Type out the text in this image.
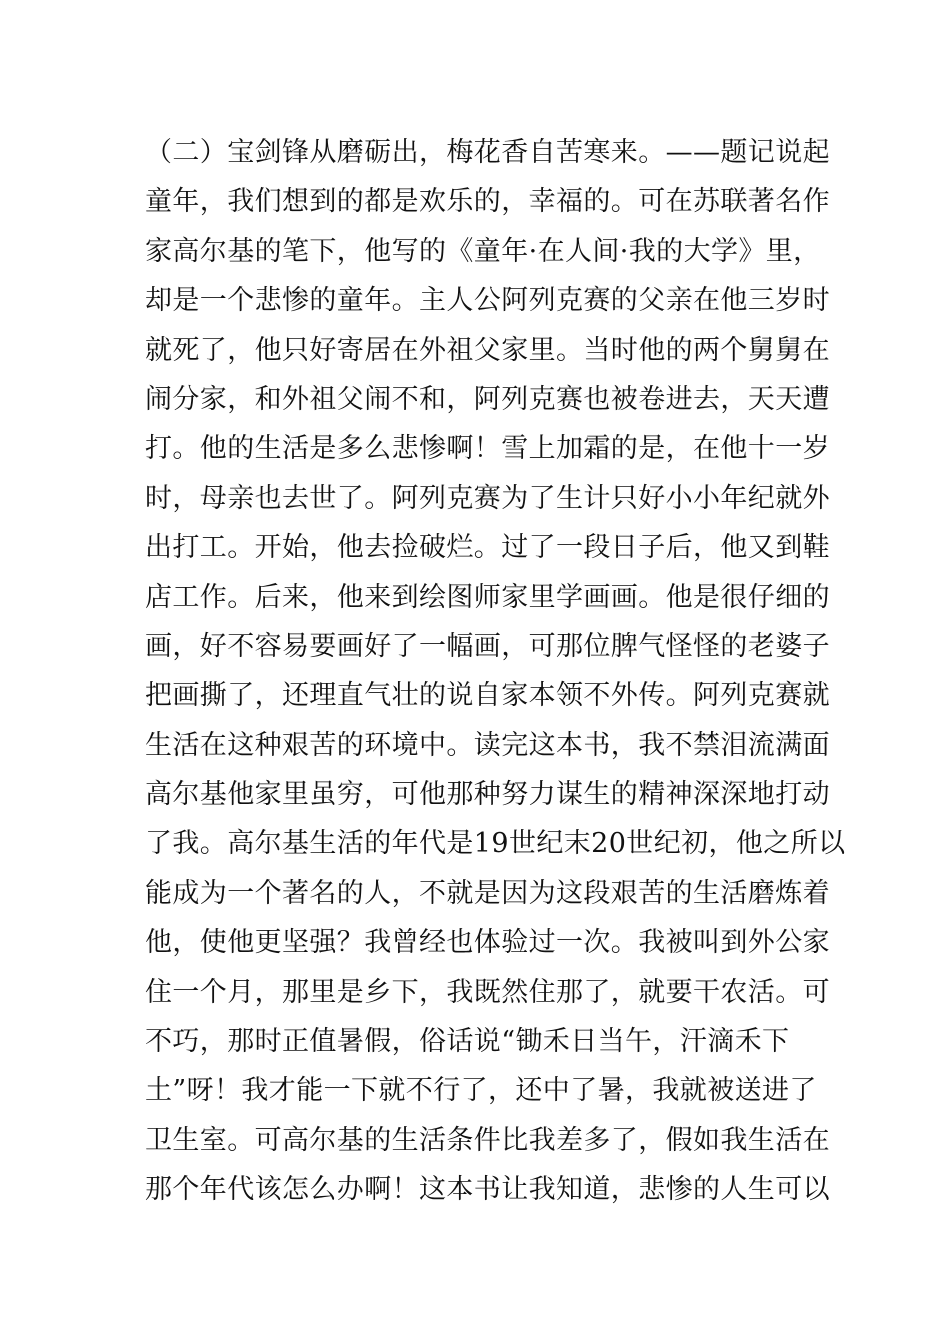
（二）宝剑锋从磨砺出，梅花香自苦寒来。——题记说起
童年，我们想到的都是欢乐的，幸福的。可在苏联著名作
家高尔基的笔下，他写的《童年·在人间·我的大学》里，
却是一个悲惨的童年。主人公阿列克赛的父亲在他三岁时
就死了，他只好寄居在外祖父家里。当时他的两个舅舅在
闹分家，和外祖父闹不和，阿列克赛也被卷进去，天天遭
打。他的生活是多么悲惨啊！雪上加霜的是，在他十一岁
时，母亲也去世了。阿列克赛为了生计只好小小年纪就外
出打工。开始，他去捡破烂。过了一段日子后，他又到鞋
店工作。后来，他来到绘图师家里学画画。他是很仔细的
画，好不容易要画好了一幅画，可那位脾气怪怪的老婆子
把画撕了，还理直气壮的说自家本领不外传。阿列克赛就
生活在这种艰苦的环境中。读完这本书，我不禁泪流满面
高尔基他家里虽穷，可他那种努力谋生的精神深深地打动
了我。高尔基生活的年代是19世纪末20世纪初，他之所以
能成为一个著名的人，不就是因为这段艰苦的生活磨炼着
他，使他更坚强？我曾经也体验过一次。我被叫到外公家
住一个月，那里是乡下，我既然住那了，就要干农活。可
不巧，那时正值暑假，俗话说“锄禾日当午，汗滴禾下
土”呀！我才能一下就不行了，还中了暑，我就被送进了
卫生室。可高尔基的生活条件比我差多了，假如我生活在
那个年代该怎么办啊！这本书让我知道，悲惨的人生可以
